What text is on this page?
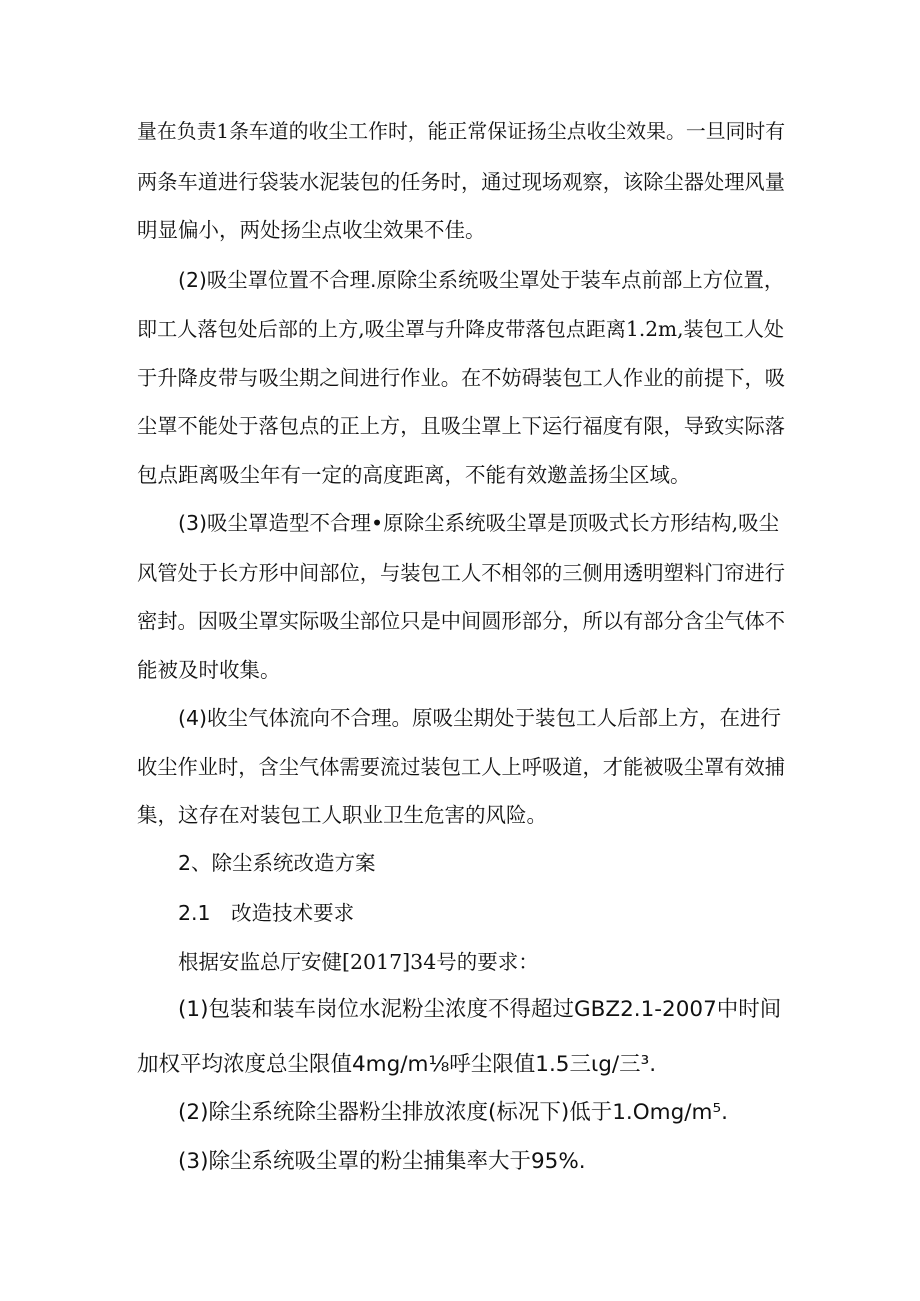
量在负责1条车道的收尘工作时，能正常保证扬尘点收尘效果。一旦同时有
两条车道进行袋装水泥装包的任务时，通过现场观察，该除尘器处理风量
明显偏小，两处扬尘点收尘效果不佳。
(2)吸尘罩位置不合理.原除尘系统吸尘罩处于装车点前部上方位置，
即工人落包处后部的上方,吸尘罩与升降皮带落包点距离1.2m,装包工人处
于升降皮带与吸尘期之间进行作业。在不妨碍装包工人作业的前提下，吸
尘罩不能处于落包点的正上方，且吸尘罩上下运行福度有限，导致实际落
包点距离吸尘年有一定的高度距离，不能有效邀盖扬尘区域。
(3)吸尘罩造型不合理•原除尘系统吸尘罩是顶吸式长方形结构,吸尘
风管处于长方形中间部位，与装包工人不相邻的三侧用透明塑料门帘进行
密封。因吸尘罩实际吸尘部位只是中间圆形部分，所以有部分含尘气体不
能被及时收集。
(4)收尘气体流向不合理。原吸尘期处于装包工人后部上方，在进行
收尘作业时，含尘气体需要流过装包工人上呼吸道，才能被吸尘罩有效捕
集，这存在对装包工人职业卫生危害的风险。
2、除尘系统改造方案
2.1　改造技术要求
根据安监总厅安健[2017]34号的要求：
(1)包装和装车岗位水泥粉尘浓度不得超过GBZ2.1-2007中时间
加权平均浓度总尘限值4mg/m⅛呼尘限值1.5三ιg/三³.
(2)除尘系统除尘器粉尘排放浓度(标况下)低于1.Omg/m⁵.
(3)除尘系统吸尘罩的粉尘捕集率大于95%.
